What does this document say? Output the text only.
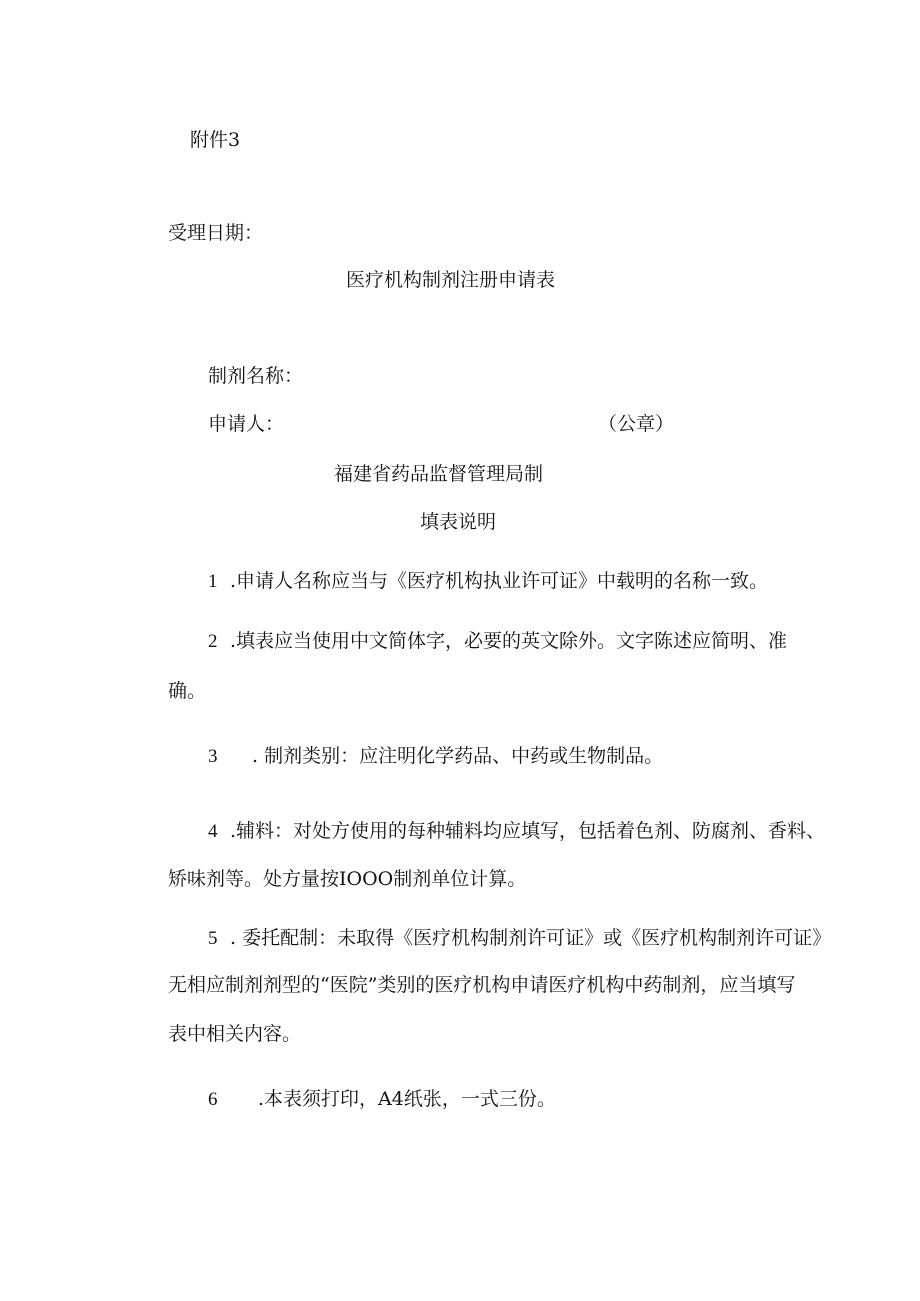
附件3
受理日期：
医疗机构制剂注册申请表
制剂名称：
申请人：	（公章）
福建省药品监督管理局制
填表说明
1 .申请人名称应当与《医疗机构执业许可证》中载明的名称一致。
2 .填表应当使用中文简体字，必要的英文除外。文字陈述应简明、准
确。
3 . 制剂类别：应注明化学药品、中药或生物制品。
4 .辅料：对处方使用的每种辅料均应填写，包括着色剂、防腐剂、香料、
矫味剂等。处方量按IOOO制剂单位计算。
5 . 委托配制：未取得《医疗机构制剂许可证》或《医疗机构制剂许可证》
无相应制剂剂型的“医院”类别的医疗机构申请医疗机构中药制剂，应当填写
表中相关内容。
6 .本表须打印，A4纸张，一式三份。
